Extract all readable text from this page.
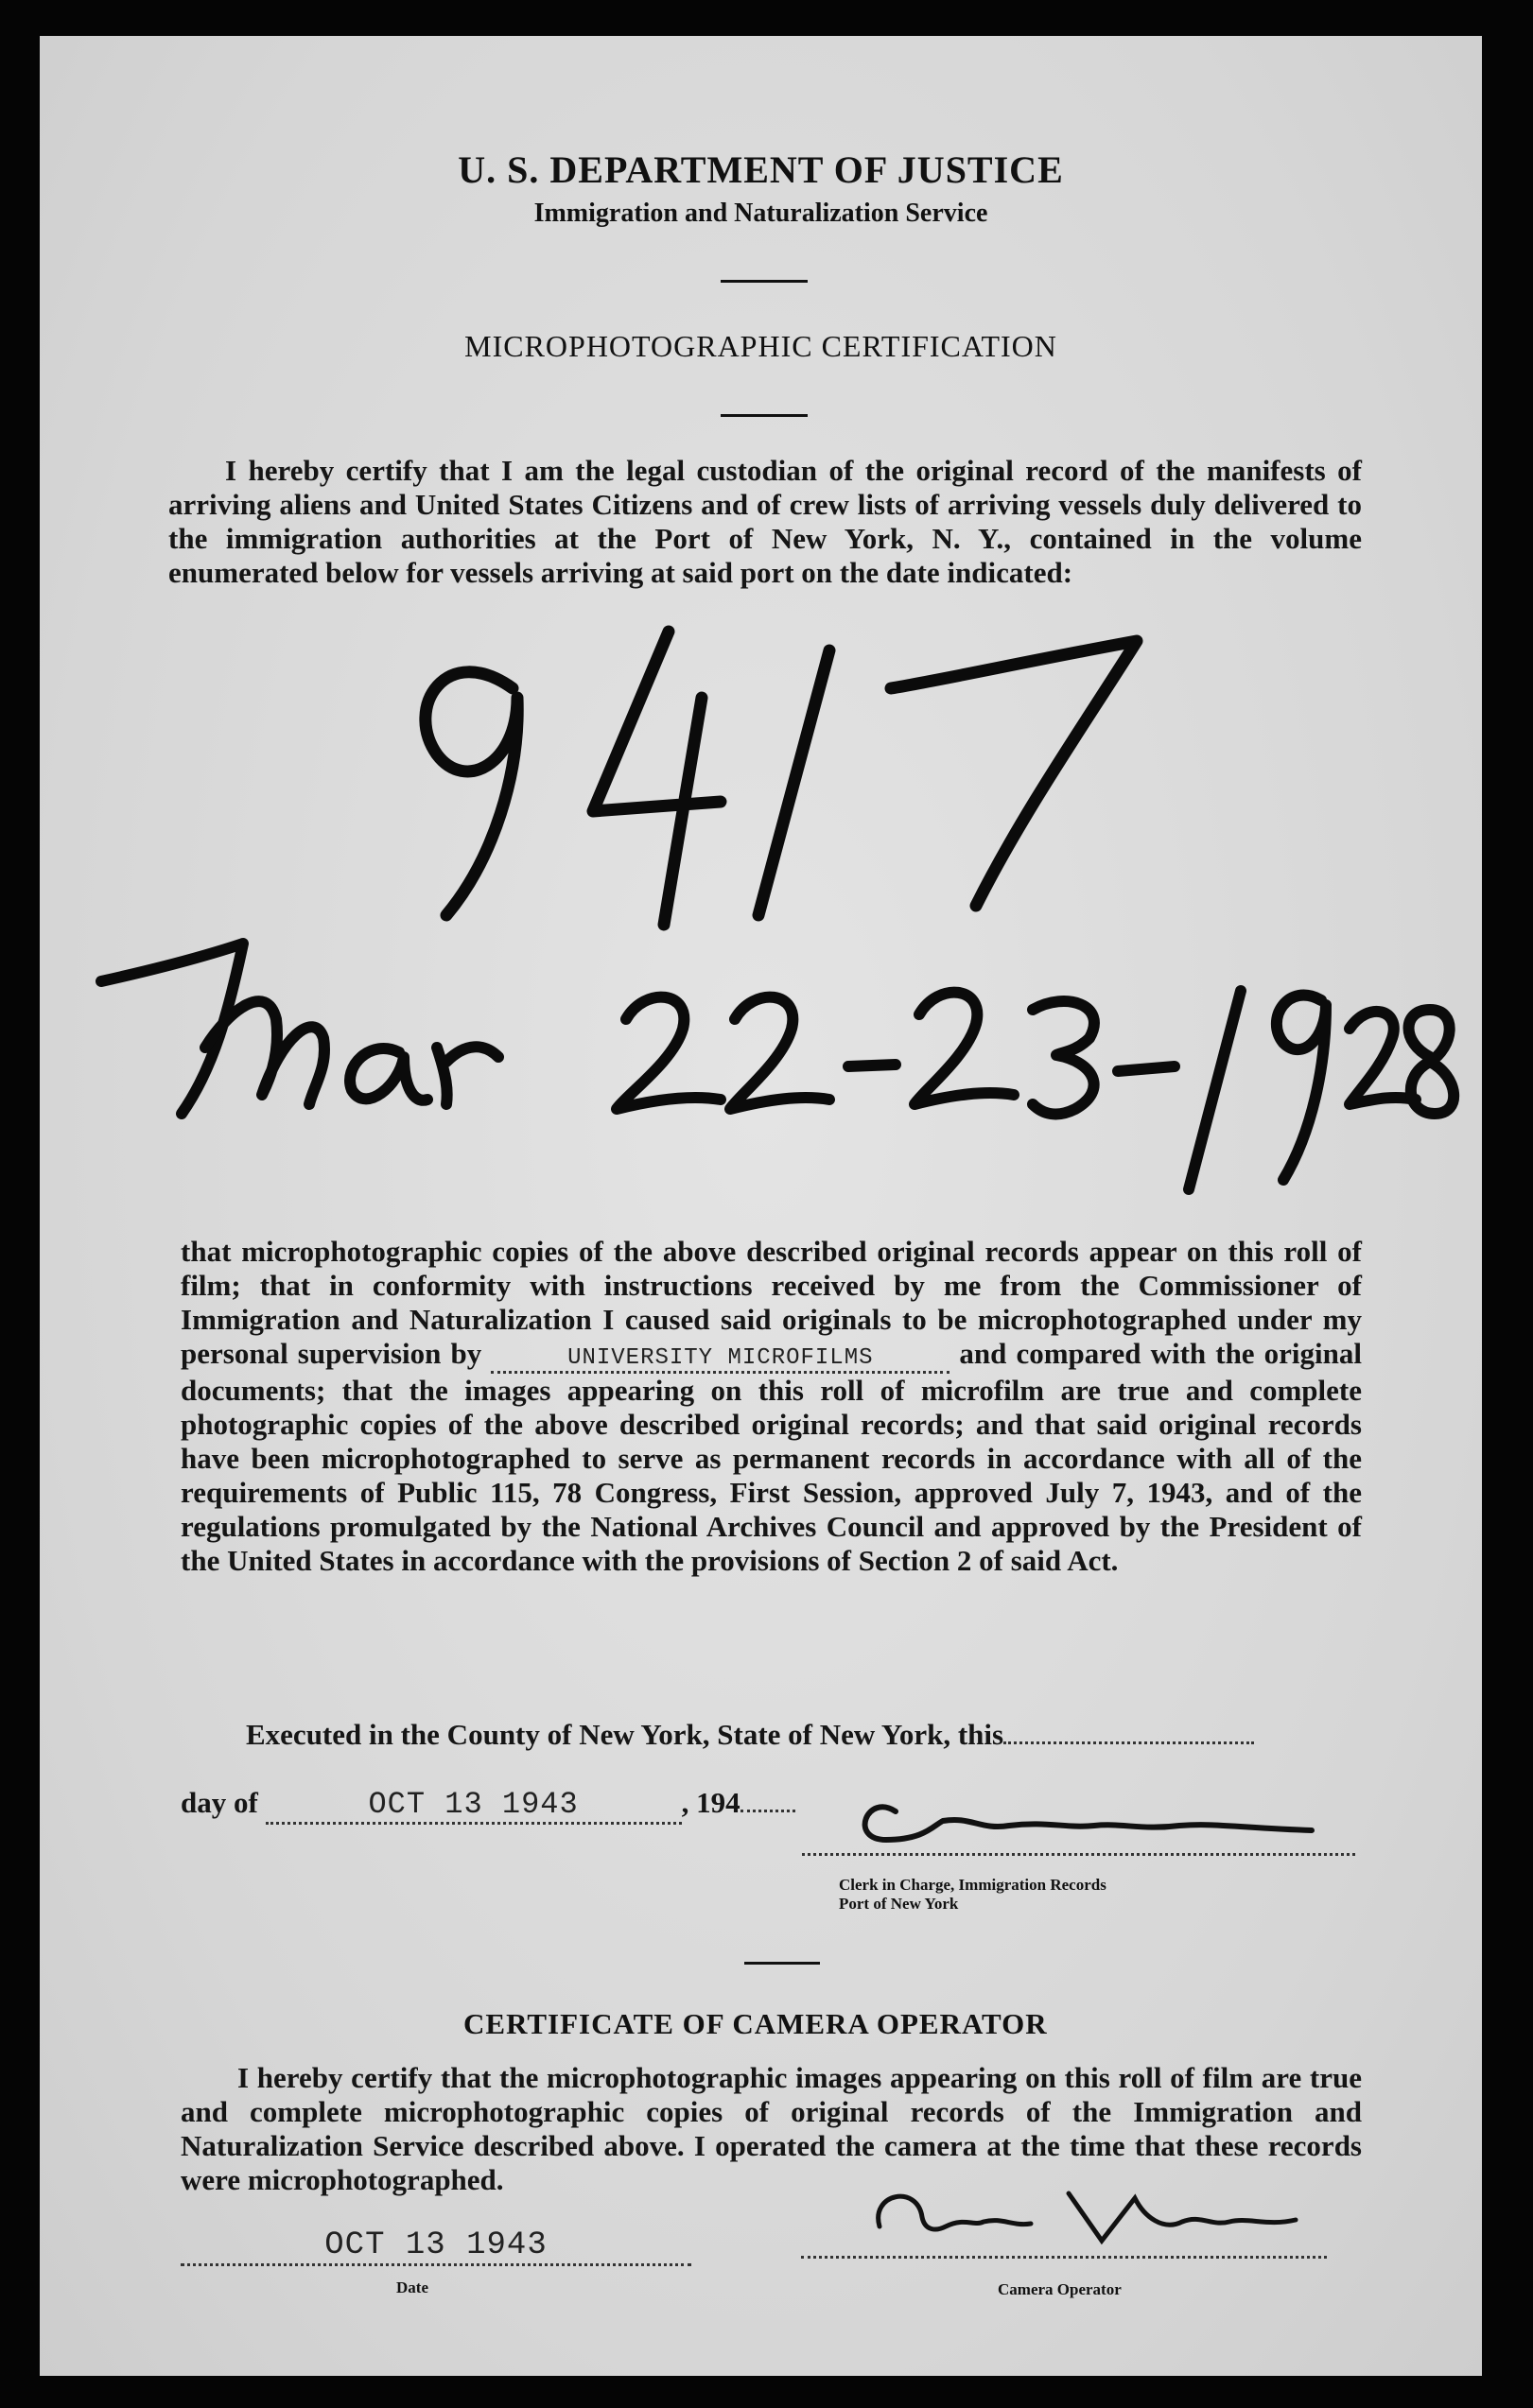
U. S. DEPARTMENT OF JUSTICE
Immigration and Naturalization Service
MICROPHOTOGRAPHIC CERTIFICATION

I hereby certify that I am the legal custodian of the original record of the manifests of arriving aliens and United States Citizens and of crew lists of arriving vessels duly delivered to the immigration authorities at the Port of New York, N. Y., contained in the volume enumerated below for vessels arriving at said port on the date indicated:

that microphotographic copies of the above described original records appear on this roll of film; that in conformity with instructions received by me from the Commissioner of Immigration and Naturalization I caused said originals to be microphotographed under my personal supervision by	UNIVERSITY MICROFILMS	and compared with the original documents; that the images appearing on this roll of microfilm are true and complete photographic copies of the above described original records; and that said original records have been microphotographed to serve as permanent records in accordance with all of the requirements of Public 115, 78 Congress, First Session, approved July 7, 1943, and of the regulations promulgated by the National Archives Council and approved by the President of the United States in accordance with the provisions of Section 2 of said Act.

Executed in the County of New York, State of New York, this
day of	OCT 13 1943	, 194
Clerk in Charge, Immigration Records
Port of New York
CERTIFICATE OF CAMERA OPERATOR

I hereby certify that the microphotographic images appearing on this roll of film are true and complete microphotographic copies of original records of the Immigration and Naturalization Service described above. I operated the camera at the time that these records were microphotographed.

OCT 13 1943
Date	Camera Operator
